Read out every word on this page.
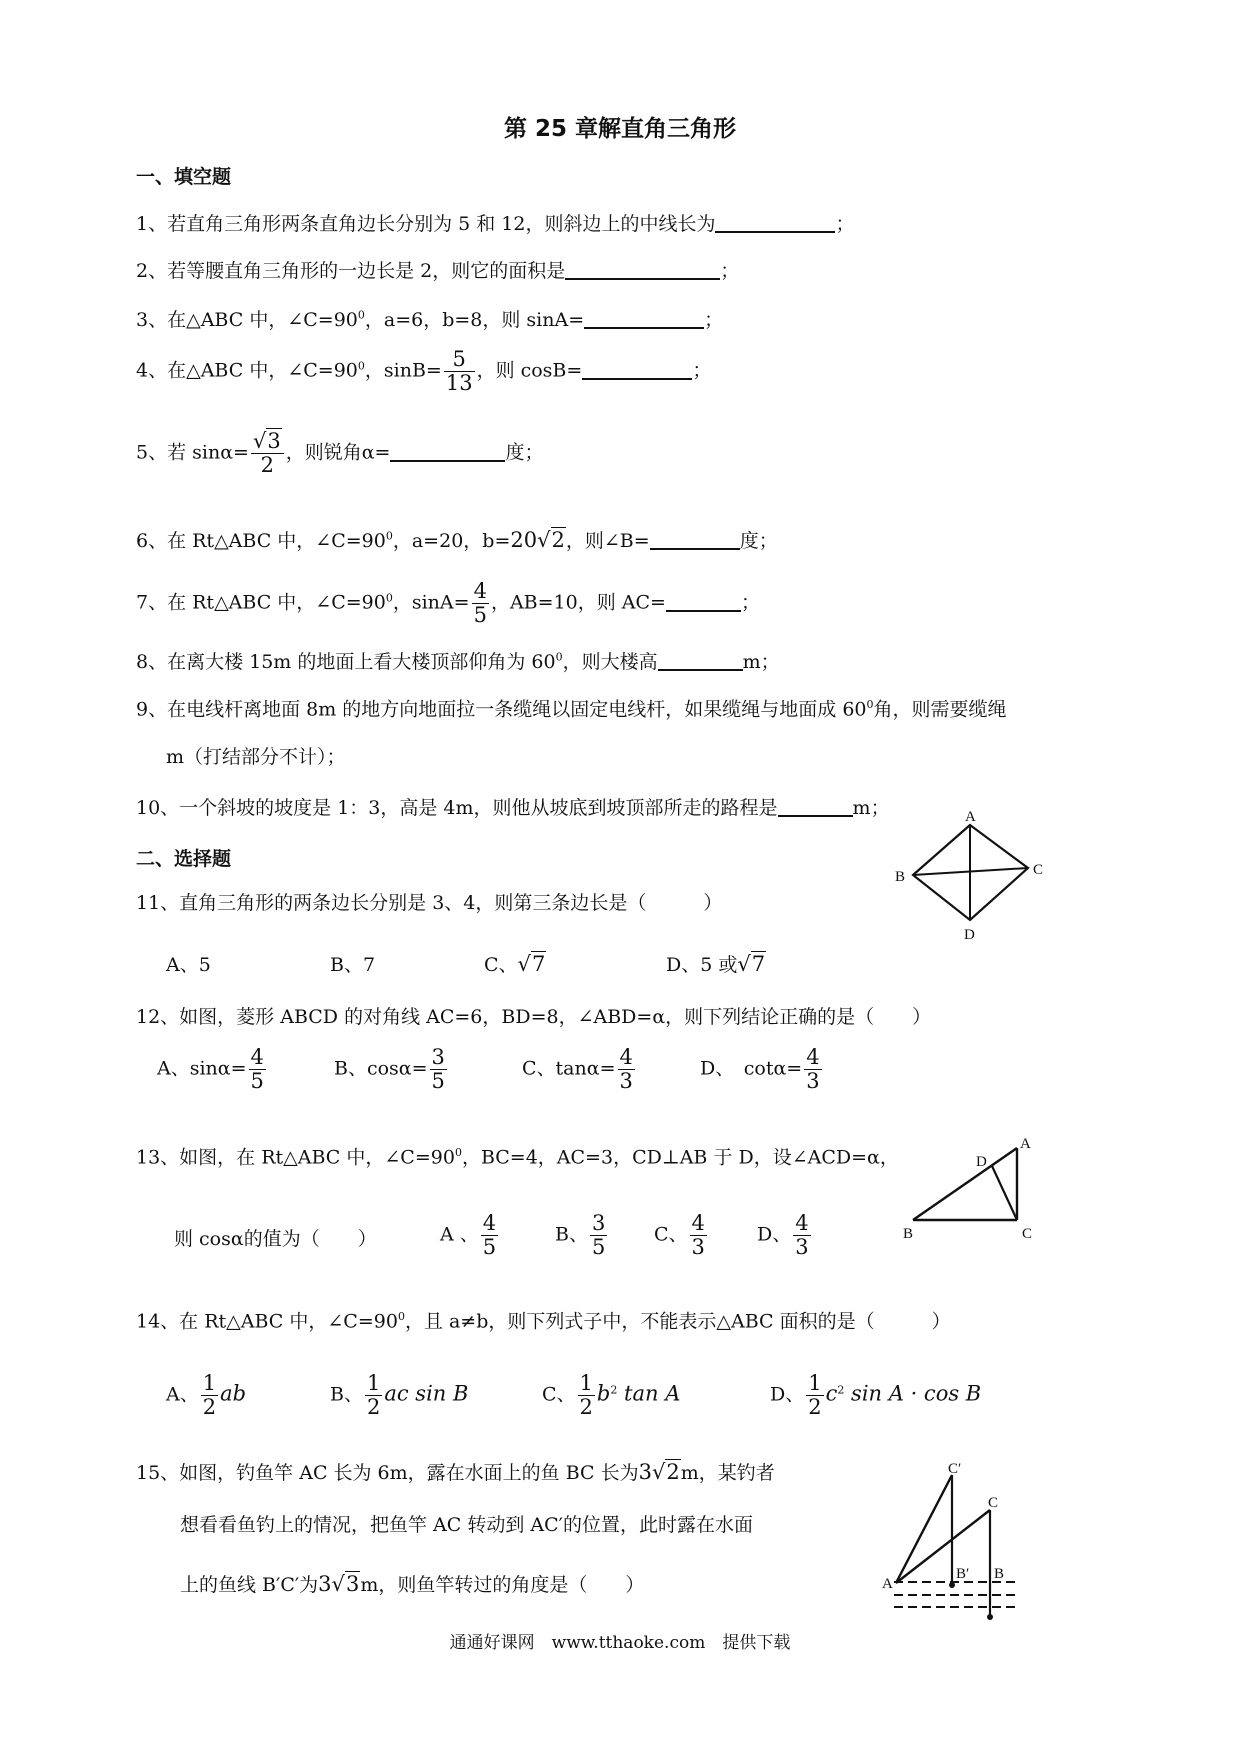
第 25 章解直角三角形
一、填空题
1、若直角三角形两条直角边长分别为 5 和 12，则斜边上的中线长为	；
2、若等腰直角三角形的一边长是 2，则它的面积是	；
3、在△ABC 中，$\angle C=90^0$，a=6，b=8，则 sinA=	；
4、在△ABC 中，$\angle C=90^0$，$\sin B= \frac{5}{13}$ ，则 cosB=	；
5、若 $\sin\alpha= \frac{√3}{2}$ ，则锐角α=	度；
6、在 Rt△ABC 中，$\angle C=90^0$，a=20，b=20√2，则∠B=	度；
7、在 Rt△ABC 中，$\angle C=90^0$，$\sin A= \frac{4}{5}$ ，AB=10，则 AC=	；
8、在离大楼 15m 的地面上看大楼顶部仰角为 $60^0$，则大楼高	m；
9、在电线杆离地面 8m 的地方向地面拉一条缆绳以固定电线杆，如果缆绳与地面成 $60^0$角，则需要缆绳
m（打结部分不计）；
10、一个斜坡的坡度是 1：3，高是 4m，则他从坡底到坡顶部所走的路程是	m；
二、选择题
A
B	C
D
11、直角三角形的两条边长分别是 3、4，则第三条边长是（　　　）
A、5	B、7	C、√7	D、5 或√7
12、如图，菱形 ABCD 的对角线 AC=6，BD=8，∠ABD=α，则下列结论正确的是（　　）
A、$\sin\alpha= \frac{4}{5}$	B、$\cos\alpha= \frac{3}{5}$	C、$\tan\alpha= \frac{4}{3}$	D、　$\cot\alpha= \frac{4}{3}$
A
D
B	C
13、如图，在 Rt△ABC 中，$\angle C=90^0$，BC=4，AC=3，CD⊥AB 于 D，设∠ACD=α，
则 cosα的值为（　　）	A 、 $\frac{4}{5}$	B、 $\frac{3}{5}$ C、 $\frac{4}{3}$	D、 $\frac{4}{3}$
14、在 Rt△ABC 中，$\angle C=90^0$，且 a≠b，则下列式子中，不能表示△ABC 面积的是（　　　）
A、 $\frac{1}{2}$ ab	B、 $\frac{1}{2}$ ac sin B	C、 $\frac{1}{2} b^2$ tan A	D、 $\frac{1}{2} c^2$ sin A · cos B
15、如图，钓鱼竿 AC 长为 6m，露在水面上的鱼 BC 长为3√2m，某钓者
想看看鱼钓上的情况，把鱼竿 AC 转动到 AC′的位置，此时露在水面
上的鱼线 B′C′为3√3m，则鱼竿转过的角度是（　　）	A
C′
C
B′ B
通通好课网　www.tthaoke.com　提供下载
